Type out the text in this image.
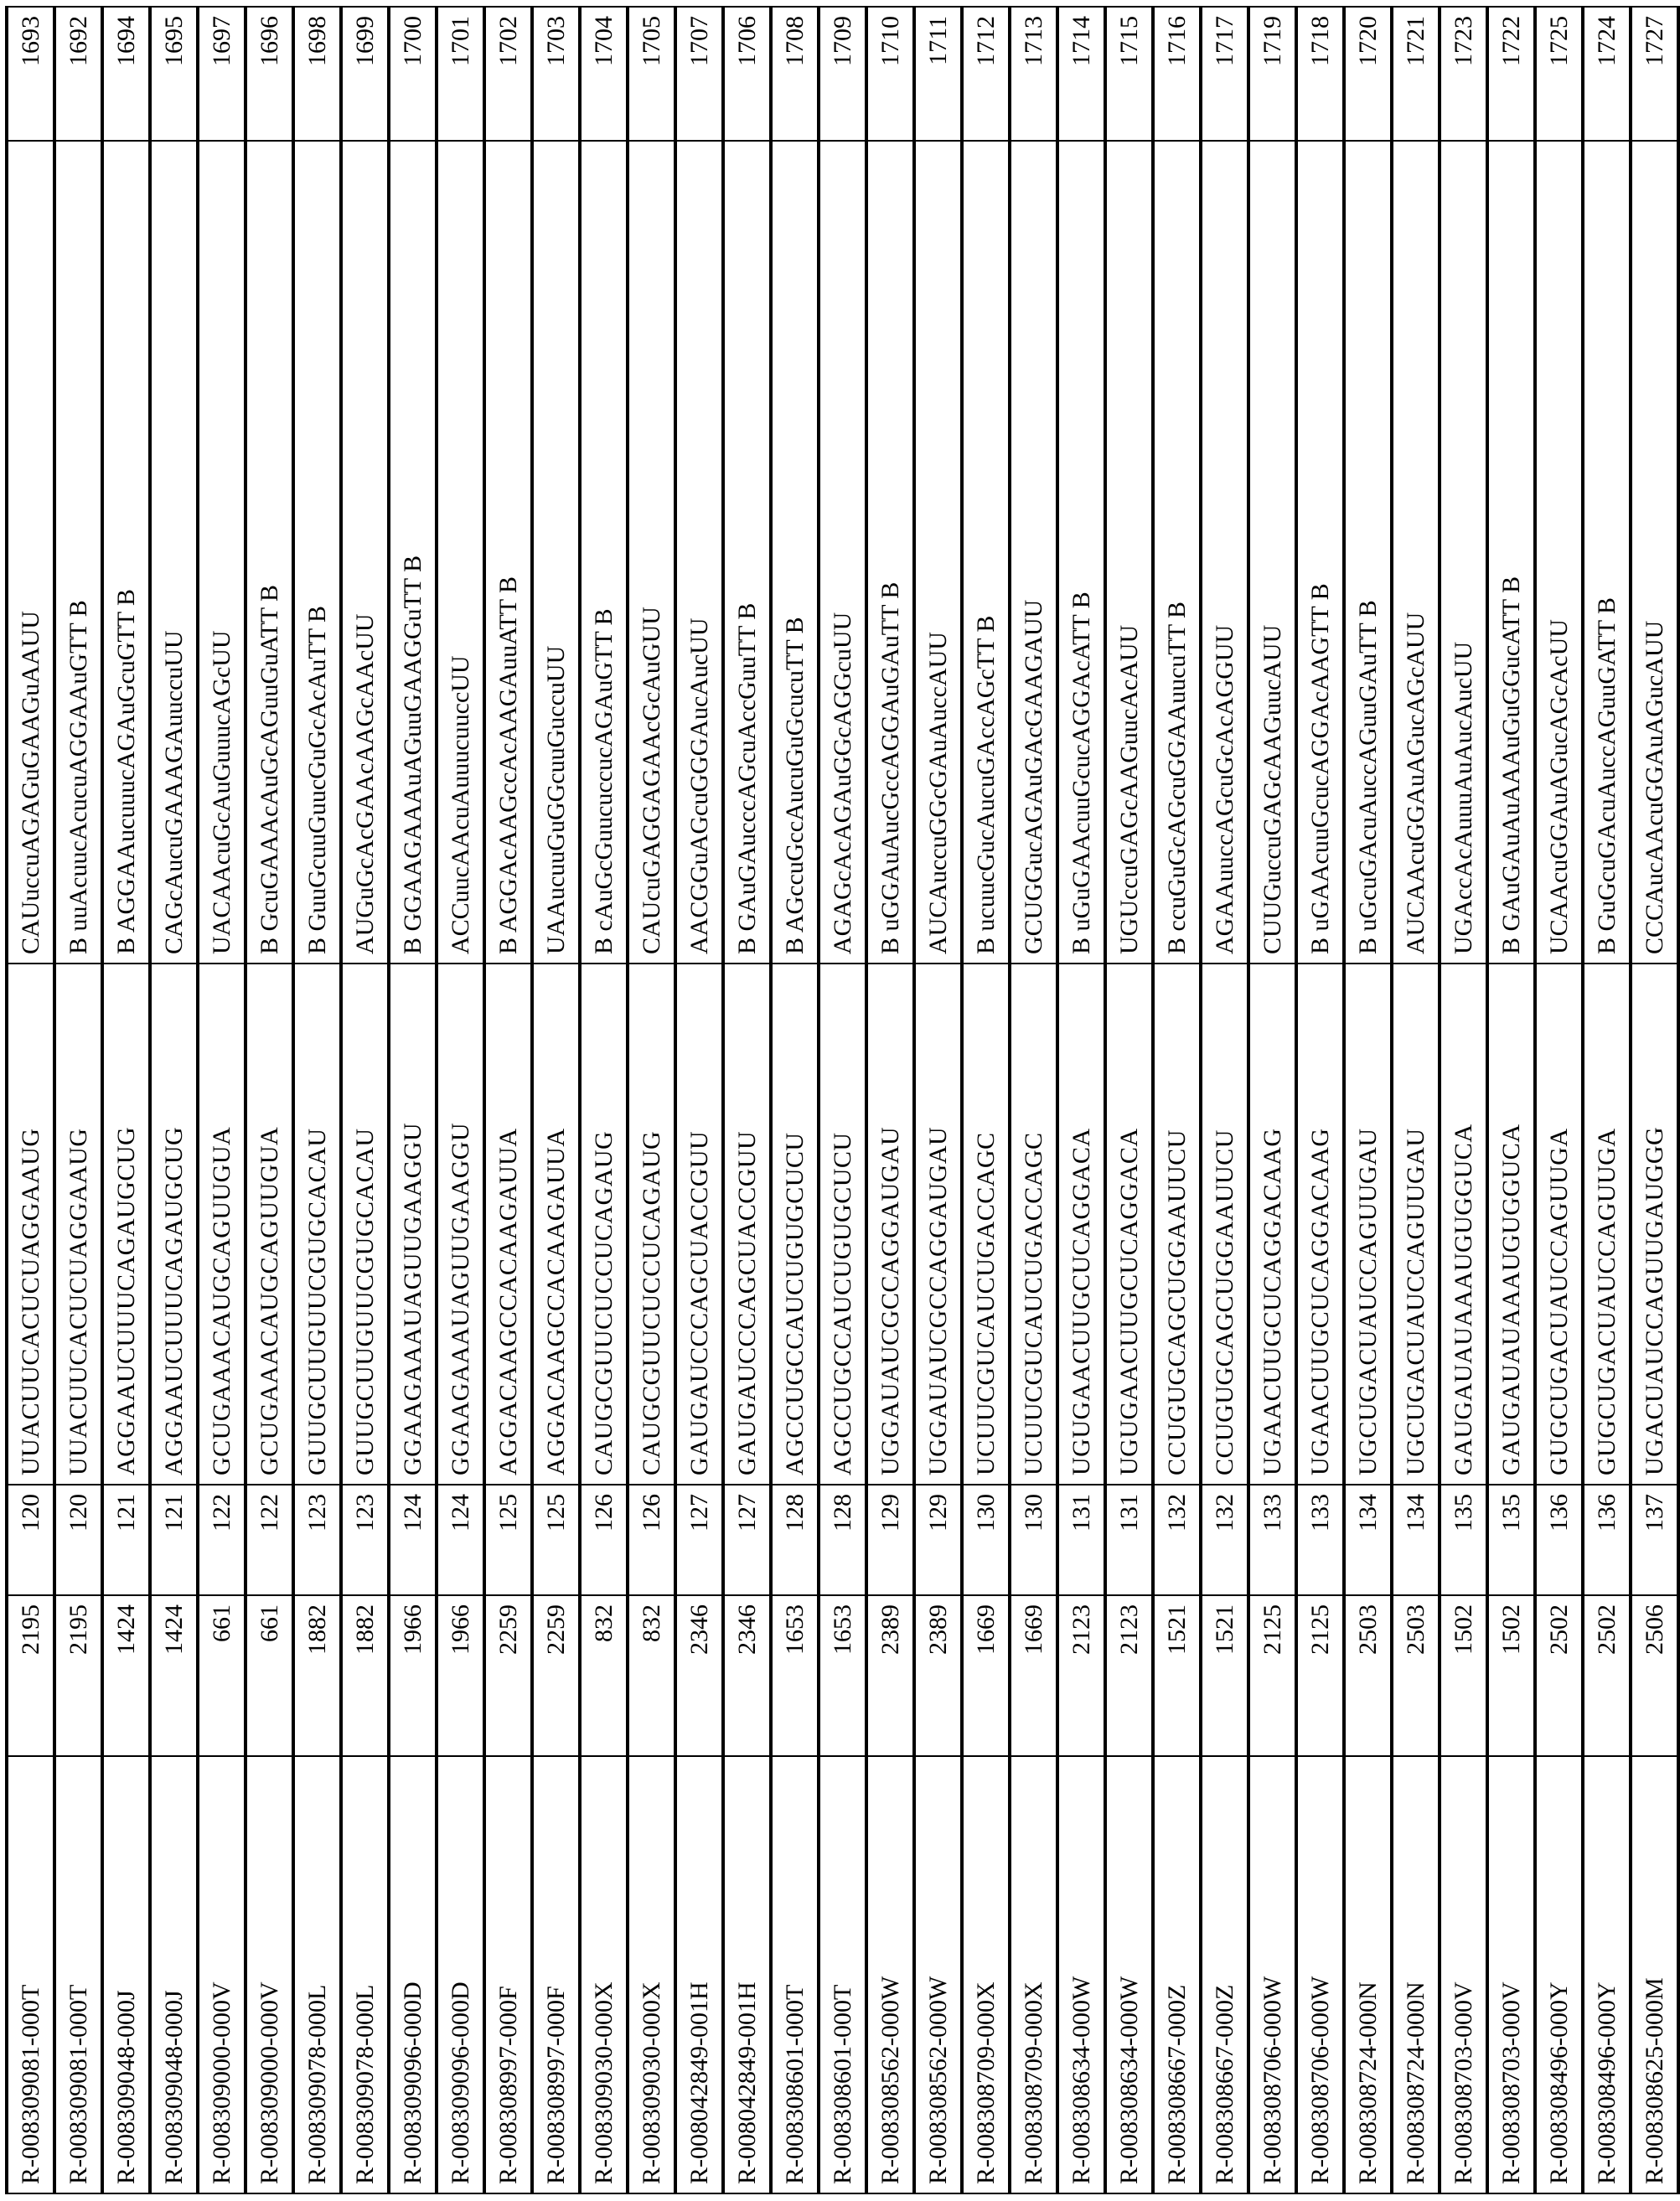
R-008309081-000T	2195	120	UUACUUCACUCUAGGAAUG	CAUuccuAGAGuGAAGuAAUU	1693
R-008309081-000T	2195	120	UUACUUCACUCUAGGAAUG	B uuAcuucAcucuAGGAAuGTT B	1692
R-008309048-000J	1424	121	AGGAAUCUUUCAGAUGCUG	B AGGAAucuuucAGAuGcuGTT B	1694
R-008309048-000J	1424	121	AGGAAUCUUUCAGAUGCUG	CAGcAucuGAAAGAuuccuUU	1695
R-008309000-000V	661	122	GCUGAAACAUGCAGUUGUA	UACAAcuGcAuGuuucAGcUU	1697
R-008309000-000V	661	122	GCUGAAACAUGCAGUUGUA	B GcuGAAAcAuGcAGuuGuATT B	1696
R-008309078-000L	1882	123	GUUGCUUGUUCGUGCACAU	B GuuGcuuGuucGuGcAcAuTT B	1698
R-008309078-000L	1882	123	GUUGCUUGUUCGUGCACAU	AUGuGcAcGAAcAAGcAAcUU	1699
R-008309096-000D	1966	124	GGAAGAAAUAGUUGAAGGU	B GGAAGAAAuAGuuGAAGGuTT B	1700
R-008309096-000D	1966	124	GGAAGAAAUAGUUGAAGGU	ACCuucAAcuAuuucuuccUU	1701
R-008308997-000F	2259	125	AGGACAAGCCACAAGAUUA	B AGGAcAAGccAcAAGAuuATT B	1702
R-008308997-000F	2259	125	AGGACAAGCCACAAGAUUA	UAAucuuGuGGcuuGuccuUU	1703
R-008309030-000X	832	126	CAUGCGUUCUCCUCAGAUG	B cAuGcGuucuccucAGAuGTT B	1704
R-008309030-000X	832	126	CAUGCGUUCUCCUCAGAUG	CAUcuGAGGAGAAcGcAuGUU	1705
R-008042849-001H	2346	127	GAUGAUCCCAGCUACCGUU	AACGGuAGcuGGGAucAucUU	1707
R-008042849-001H	2346	127	GAUGAUCCCAGCUACCGUU	B GAuGAucccAGcuAccGuuTT B	1706
R-008308601-000T	1653	128	AGCCUGCCAUCUGUGCUCU	B AGccuGccAucuGuGcucuTT B	1708
R-008308601-000T	1653	128	AGCCUGCCAUCUGUGCUCU	AGAGcAcAGAuGGcAGGcuUU	1709
R-008308562-000W	2389	129	UGGAUAUCGCCAGGAUGAU	B uGGAuAucGccAGGAuGAuTT B	1710
R-008308562-000W	2389	129	UGGAUAUCGCCAGGAUGAU	AUCAuccuGGcGAuAuccAUU	1711
R-008308709-000X	1669	130	UCUUCGUCAUCUGACCAGC	B ucuucGucAucuGAccAGcTT B	1712
R-008308709-000X	1669	130	UCUUCGUCAUCUGACCAGC	GCUGGucAGAuGAcGAAGAUU	1713
R-008308634-000W	2123	131	UGUGAACUUGCUCAGGACA	B uGuGAAcuuGcucAGGAcATT B	1714
R-008308634-000W	2123	131	UGUGAACUUGCUCAGGACA	UGUccuGAGcAAGuucAcAUU	1715
R-008308667-000Z	1521	132	CCUGUGCAGCUGGAAUUCU	B ccuGuGcAGcuGGAAuucuTT B	1716
R-008308667-000Z	1521	132	CCUGUGCAGCUGGAAUUCU	AGAAuuccAGcuGcAcAGGUU	1717
R-008308706-000W	2125	133	UGAACUUGCUCAGGACAAG	CUUGuccuGAGcAAGuucAUU	1719
R-008308706-000W	2125	133	UGAACUUGCUCAGGACAAG	B uGAAcuuGcucAGGAcAAGTT B	1718
R-008308724-000N	2503	134	UGCUGACUAUCCAGUUGAU	B uGcuGAcuAuccAGuuGAuTT B	1720
R-008308724-000N	2503	134	UGCUGACUAUCCAGUUGAU	AUCAAcuGGAuAGucAGcAUU	1721
R-008308703-000V	1502	135	GAUGAUAUAAAUGUGGUCA	UGAccAcAuuuAuAucAucUU	1723
R-008308703-000V	1502	135	GAUGAUAUAAAUGUGGUCA	B GAuGAuAuAAAuGuGGucATT B	1722
R-008308496-000Y	2502	136	GUGCUGACUAUCCAGUUGA	UCAAcuGGAuAGucAGcAcUU	1725
R-008308496-000Y	2502	136	GUGCUGACUAUCCAGUUGA	B GuGcuGAcuAuccAGuuGATT B	1724
R-008308625-000M	2506	137	UGACUAUCCAGUUGAUGGG	CCCAucAAcuGGAuAGucAUU	1727
